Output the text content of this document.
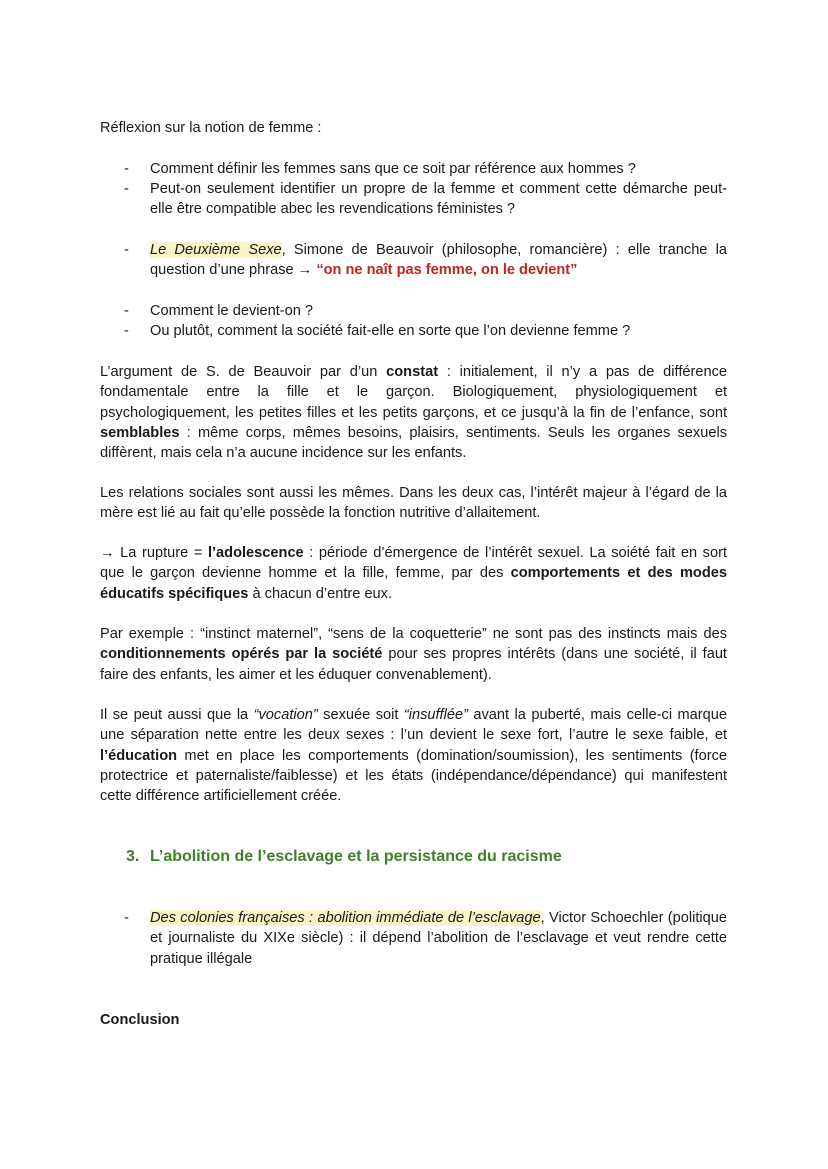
Réflexion sur la notion de femme :

-	Comment définir les femmes sans que ce soit par référence aux hommes ?
-	Peut-on seulement identifier un propre de la femme et comment cette démarche peut-elle être compatible abec les revendications féministes ?
-	Le Deuxième Sexe, Simone de Beauvoir (philosophe, romancière) : elle tranche la question d’une phrase → “on ne naît pas femme, on le devient”
-	Comment le devient-on ?
-	Ou plutôt, comment la société fait-elle en sorte que l’on devienne femme ?

L’argument de S. de Beauvoir par d’un constat : initialement, il n’y a pas de différence fondamentale entre la fille et le garçon. Biologiquement, physiologiquement et psychologiquement, les petites filles et les petits garçons, et ce jusqu’à la fin de l’enfance, sont semblables : même corps, mêmes besoins, plaisirs, sentiments. Seuls les organes sexuels diffèrent, mais cela n’a aucune incidence sur les enfants.

Les relations sociales sont aussi les mêmes. Dans les deux cas, l’intérêt majeur à l’égard de la mère est lié au fait qu’elle possède la fonction nutritive d’allaitement.

→ La rupture = l’adolescence : période d’émergence de l’intérêt sexuel. La soiété fait en sort que le garçon devienne homme et la fille, femme, par des comportements et des modes éducatifs spécifiques à chacun d’entre eux.

Par exemple : “instinct maternel”, “sens de la coquetterie” ne sont pas des instincts mais des conditionnements opérés par la société pour ses propres intérêts (dans une société, il faut faire des enfants, les aimer et les éduquer convenablement).

Il se peut aussi que la “vocation” sexuée soit “insufflée” avant la puberté, mais celle-ci marque une séparation nette entre les deux sexes : l’un devient le sexe fort, l’autre le sexe faible, et l’éducation met en place les comportements (domination/soumission), les sentiments (force protectrice et paternaliste/faiblesse) et les états (indépendance/dépendance) qui manifestent cette différence artificiellement créée.

3. L’abolition de l’esclavage et la persistance du racisme
-	Des colonies françaises : abolition immédiate de l’esclavage, Victor Schoechler (politique et journaliste du XIXe siècle) : il dépend l’abolition de l’esclavage et veut rendre cette pratique illégale

Conclusion
